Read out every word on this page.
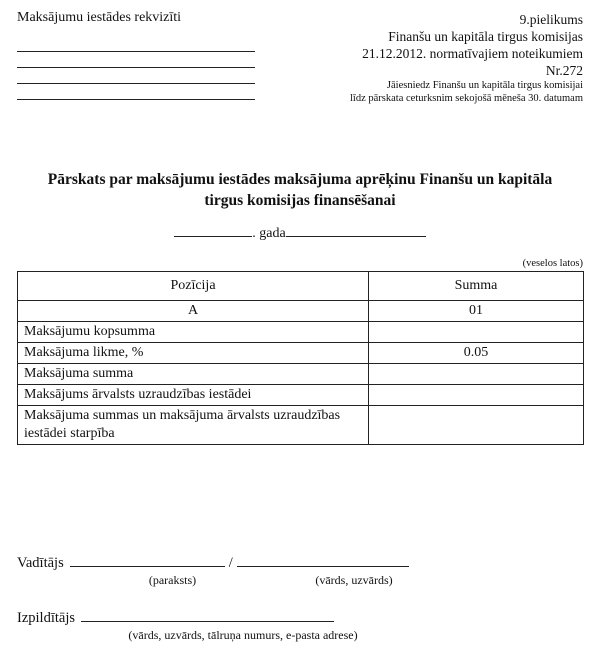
Maksājumu iestādes rekvizīti	9.pielikums
Finanšu un kapitāla tirgus komisijas
21.12.2012. normatīvajiem noteikumiem
Nr.272
Jāiesniedz Finanšu un kapitāla tirgus komisijai
līdz pārskata ceturksnim sekojošā mēneša 30. datumam
Pārskats par maksājumu iestādes maksājuma aprēķinu Finanšu un kapitāla tirgus komisijas finansēšanai
. gada
(veselos latos)
Pozīcija	Summa
A	01
Maksājumu kopsumma	
Maksājuma likme, %	0.05
Maksājuma summa	
Maksājums ārvalsts uzraudzības iestādei	
Maksājuma summas un maksājuma ārvalsts uzraudzības iestādei starpība	
Vadītājs	/
(paraksts)	(vārds, uzvārds)
Izpildītājs
(vārds, uzvārds, tālruņa numurs, e-pasta adrese)
